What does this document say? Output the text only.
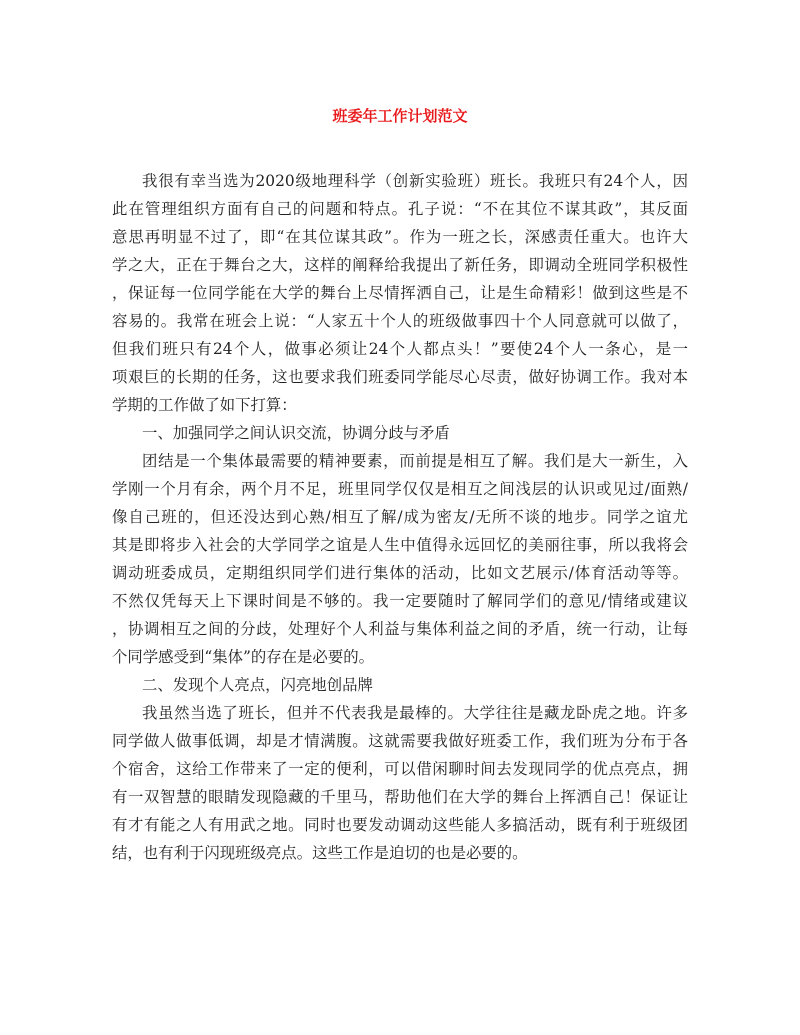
班委年工作计划范文

我很有幸当选为2020级地理科学（创新实验班）班长。我班只有24个人，因

此在管理组织方面有自己的问题和特点。孔子说：“不在其位不谋其政”，其反面

意思再明显不过了，即“在其位谋其政”。作为一班之长，深感责任重大。也许大

学之大，正在于舞台之大，这样的阐释给我提出了新任务，即调动全班同学积极性

，保证每一位同学能在大学的舞台上尽情挥洒自己，让是生命精彩！做到这些是不

容易的。我常在班会上说：“人家五十个人的班级做事四十个人同意就可以做了，

但我们班只有24个人，做事必须让24个人都点头！”要使24个人一条心，是一

项艰巨的长期的任务，这也要求我们班委同学能尽心尽责，做好协调工作。我对本

学期的工作做了如下打算：

一、加强同学之间认识交流，协调分歧与矛盾

团结是一个集体最需要的精神要素，而前提是相互了解。我们是大一新生，入

学刚一个月有余，两个月不足，班里同学仅仅是相互之间浅层的认识或见过/面熟/

像自己班的，但还没达到心熟/相互了解/成为密友/无所不谈的地步。同学之谊尤

其是即将步入社会的大学同学之谊是人生中值得永远回忆的美丽往事，所以我将会

调动班委成员，定期组织同学们进行集体的活动，比如文艺展示/体育活动等等。

不然仅凭每天上下课时间是不够的。我一定要随时了解同学们的意见/情绪或建议

，协调相互之间的分歧，处理好个人利益与集体利益之间的矛盾，统一行动，让每

个同学感受到“集体”的存在是必要的。

二、发现个人亮点，闪亮地创品牌

我虽然当选了班长，但并不代表我是最棒的。大学往往是藏龙卧虎之地。许多

同学做人做事低调，却是才情满腹。这就需要我做好班委工作，我们班为分布于各

个宿舍，这给工作带来了一定的便利，可以借闲聊时间去发现同学的优点亮点，拥

有一双智慧的眼睛发现隐藏的千里马，帮助他们在大学的舞台上挥洒自己！保证让

有才有能之人有用武之地。同时也要发动调动这些能人多搞活动，既有利于班级团

结，也有利于闪现班级亮点。这些工作是迫切的也是必要的。
